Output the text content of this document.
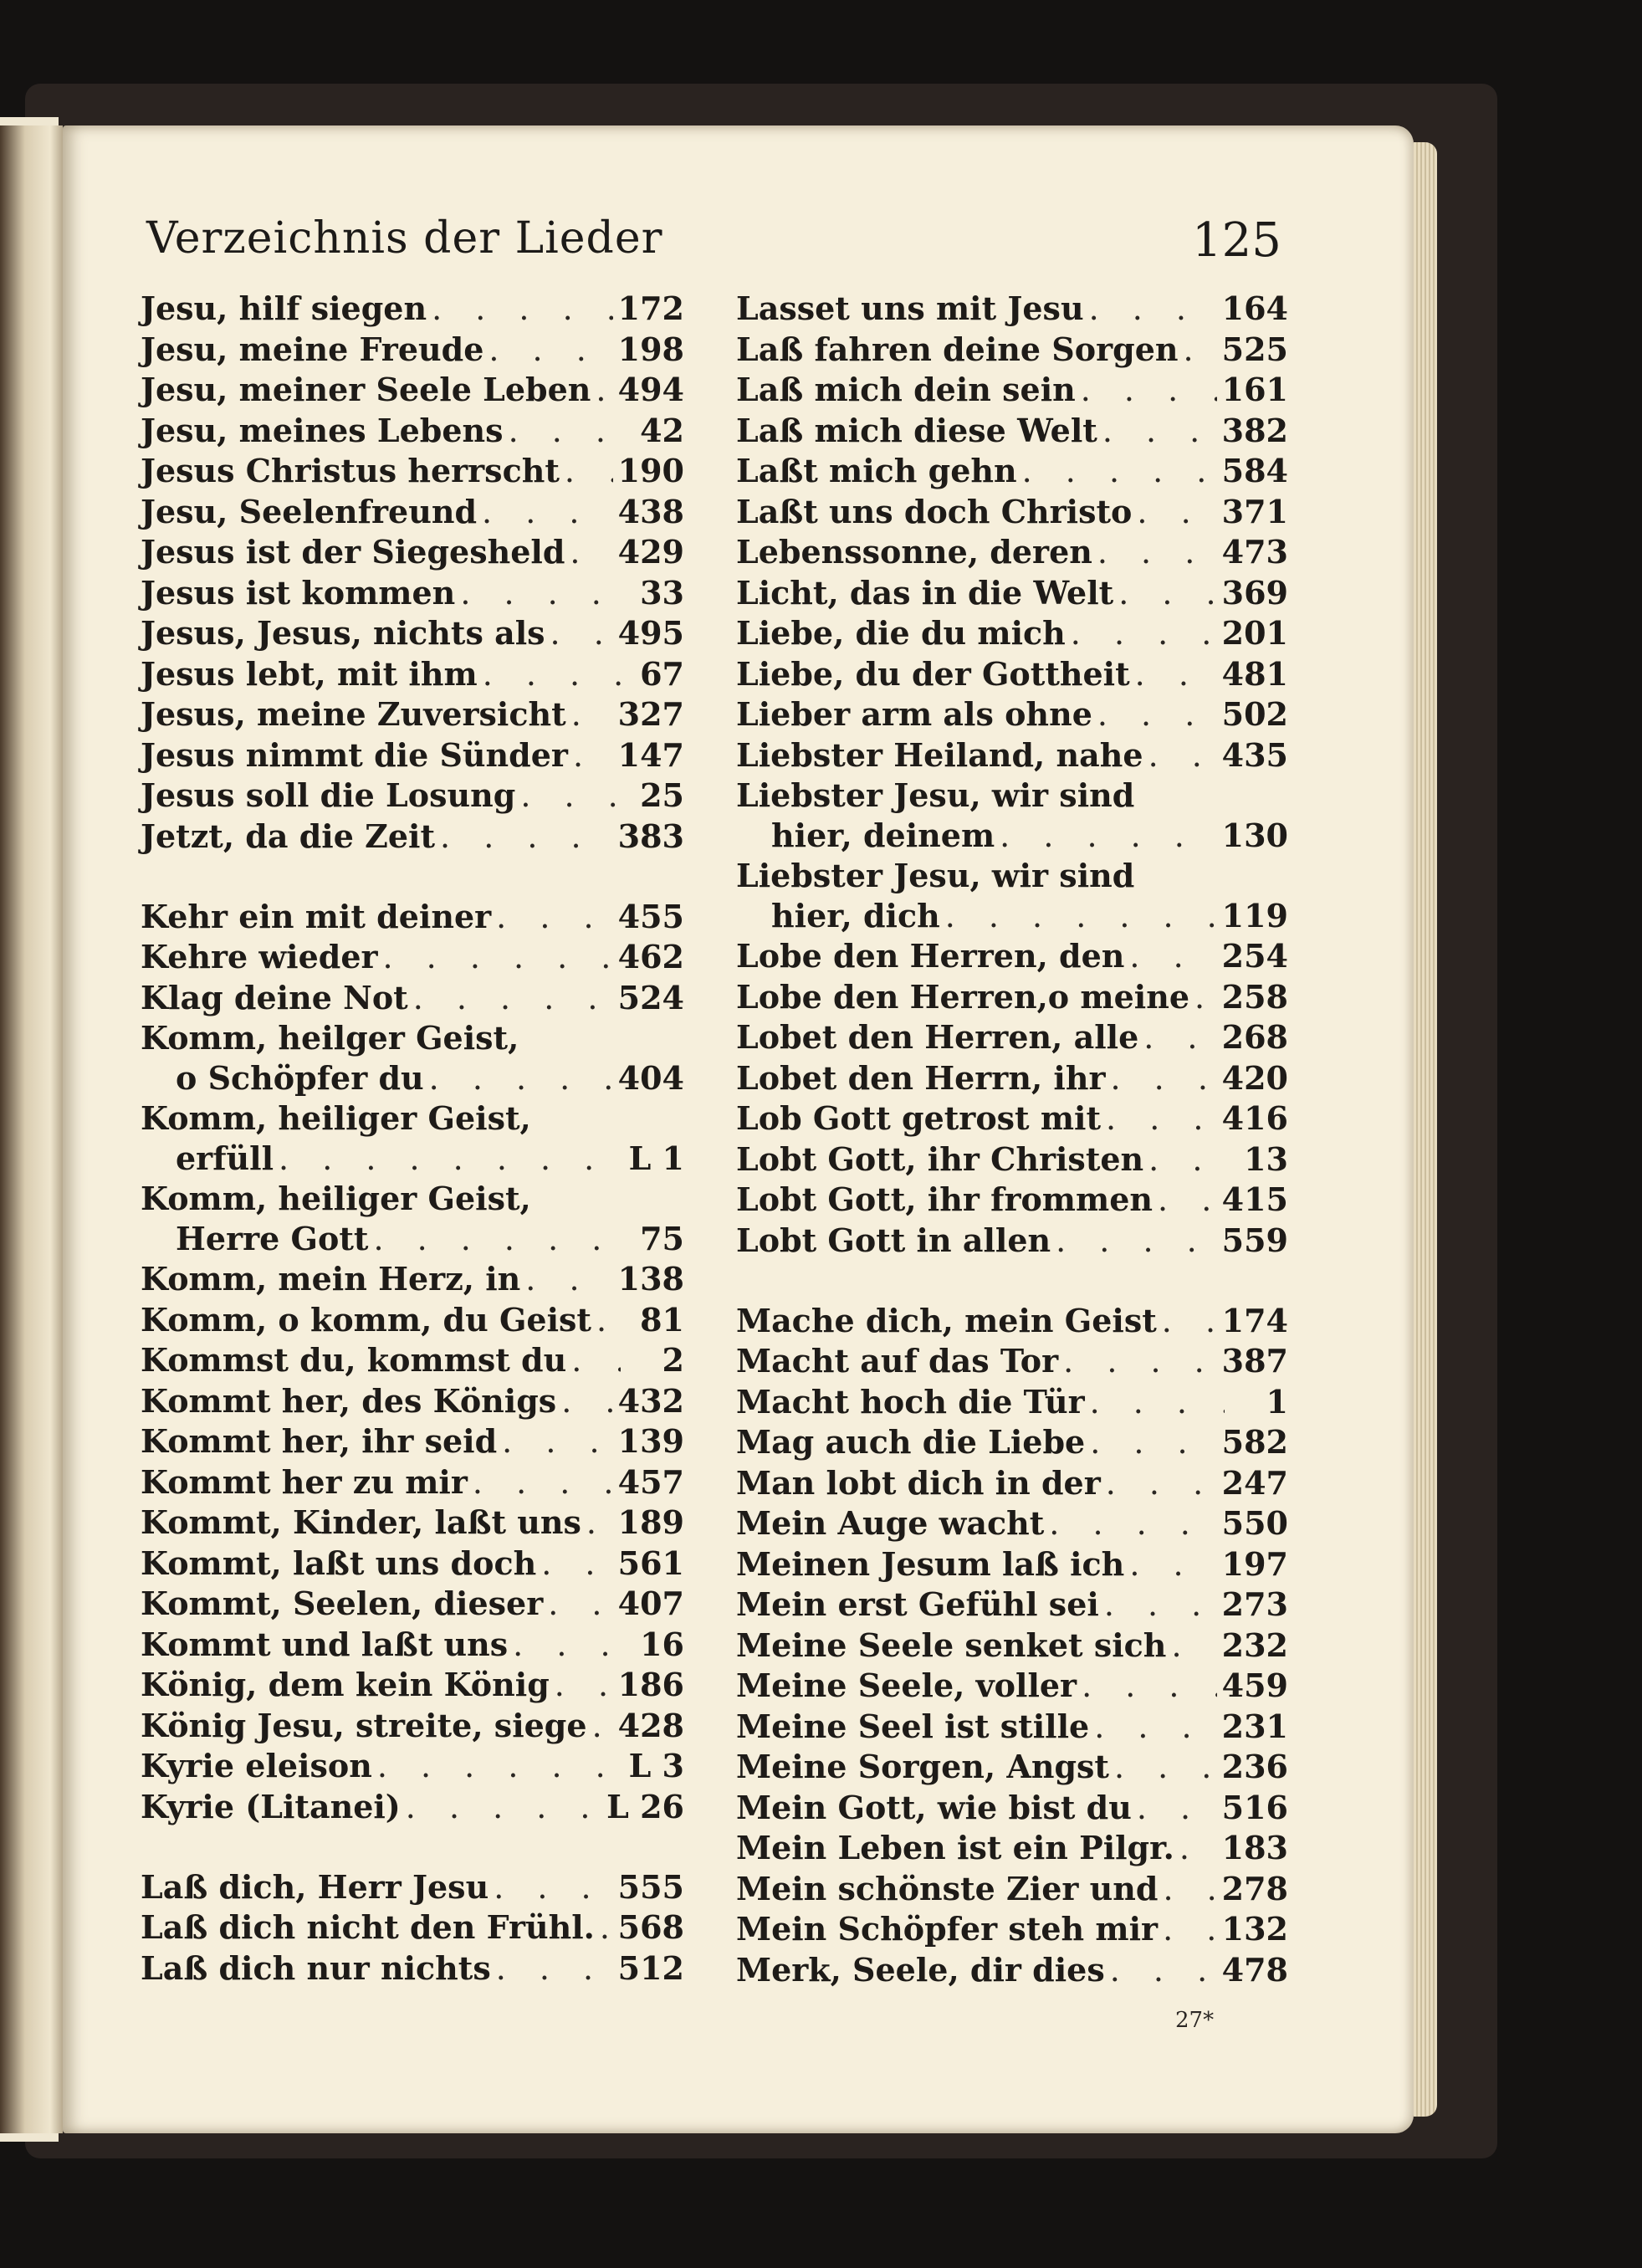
Verzeichnis der Lieder	125
Jesu, hilf siegen . . .	172
Jesu, meine Freude . . .	198
Jesu, meiner Seele Leben . . . 494
Jesu, meines Lebens . . .	42
Jesus Christus herrscht . . . 190
Jesu, Seelenfreund . . .	438
Jesus ist der Siegesheld . . . 429
Jesus ist kommen . . .	33
Jesus, Jesus, nichts als . . . 495
Jesus lebt, mit ihm . . .	67
Jesus, meine Zuversicht . . . 327
Jesus nimmt die Sünder . . . 147
Jesus soll die Losung . . .	25
Jetzt, da die Zeit . . .	383
Kehr ein mit deiner . . .	455
Kehre wieder . . .	462
Klag deine Not . . .	524
Komm, heilger Geist,
o Schöpfer du . . .	404
Komm, heiliger Geist,
erfüll . . .	L 1
Komm, heiliger Geist,
Herre Gott . . .	75
Komm, mein Herz, in . . .	138
Komm, o komm, du Geist . . .	81
Kommst du, kommst du . . .	2
Kommt her, des Königs . . . 432
Kommt her, ihr seid . . .	139
Kommt her zu mir . . .	457
Kommt, Kinder, laßt uns . . . 189
Kommt, laßt uns doch . . .	561
Kommt, Seelen, dieser . . . 407
Kommt und laßt uns . . .	16
König, dem kein König . . . 186
König Jesu, streite, siege . . . 428
Kyrie eleison . . .	L 3
Kyrie (Litanei) . . .	L 26
Laß dich, Herr Jesu . . .	555
Laß dich nicht den Frühl. . . . 568
Laß dich nur nichts . . .	512
Lasset uns mit Jesu . . .	164
Laß fahren deine Sorgen . . . 525
Laß mich dein sein . . .	161
Laß mich diese Welt . . .	382
Laßt mich gehn . . .	584
Laßt uns doch Christo . . .	371
Lebenssonne, deren . . .	473
Licht, das in die Welt . . .	369
Liebe, die du mich . . .	201
Liebe, du der Gottheit . . .	481
Lieber arm als ohne . . .	502
Liebster Heiland, nahe . . . 435
Liebster Jesu, wir sind
hier, deinem . . .	130
Liebster Jesu, wir sind
hier, dich . . .	119
Lobe den Herren, den . . .	254
Lobe den Herren,o meine . . . 258
Lobet den Herren, alle . . .	268
Lobet den Herrn, ihr . . .	420
Lob Gott getrost mit . . .	416
Lobt Gott, ihr Christen . . .	13
Lobt Gott, ihr frommen . . . 415
Lobt Gott in allen . . .	559
Mache dich, mein Geist . . . 174
Macht auf das Tor . . .	387
Macht hoch die Tür . . .	1
Mag auch die Liebe . . .	582
Man lobt dich in der . . .	247
Mein Auge wacht . . .	550
Meinen Jesum laß ich . . .	197
Mein erst Gefühl sei . . .	273
Meine Seele senket sich . . . 232
Meine Seele, voller . . .	459
Meine Seel ist stille . . .	231
Meine Sorgen, Angst . . .	236
Mein Gott, wie bist du . . .	516
Mein Leben ist ein Pilgr. . . . 183
Mein schönste Zier und . . . 278
Mein Schöpfer steh mir . . . 132
Merk, Seele, dir dies . . .	478
27*
